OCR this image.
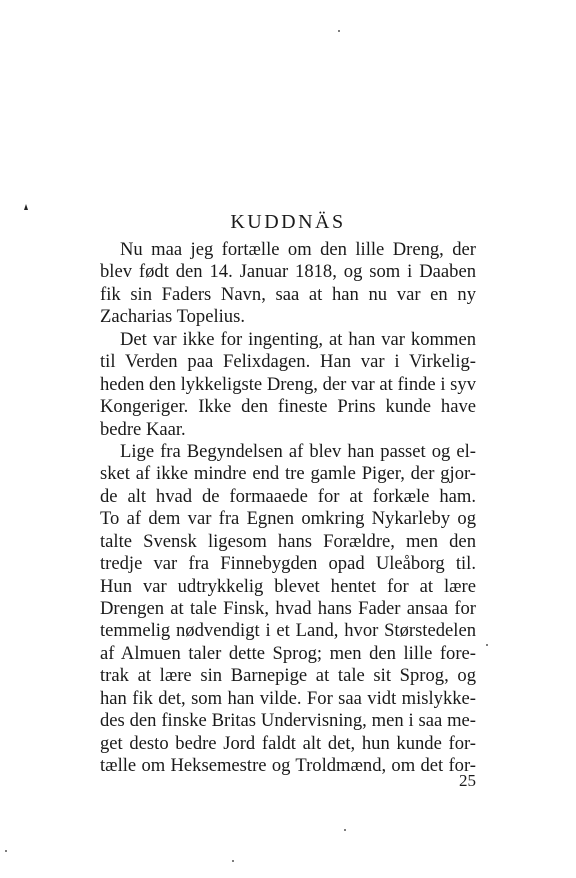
KUDDNÄS
Nu maa jeg fortælle om den lille Dreng, der
blev født den 14. Januar 1818, og som i Daaben
fik sin Faders Navn, saa at han nu var en ny
Zacharias Topelius.
Det var ikke for ingenting, at han var kommen
til Verden paa Felixdagen. Han var i Virkelig-
heden den lykkeligste Dreng, der var at finde i syv
Kongeriger. Ikke den fineste Prins kunde have
bedre Kaar.
Lige fra Begyndelsen af blev han passet og el-
sket af ikke mindre end tre gamle Piger, der gjor-
de alt hvad de formaaede for at forkæle ham.
To af dem var fra Egnen omkring Nykarleby og
talte Svensk ligesom hans Forældre, men den
tredje var fra Finnebygden opad Uleåborg til.
Hun var udtrykkelig blevet hentet for at lære
Drengen at tale Finsk, hvad hans Fader ansaa for
temmelig nødvendigt i et Land, hvor Størstedelen
af Almuen taler dette Sprog; men den lille fore-
trak at lære sin Barnepige at tale sit Sprog, og
han fik det, som han vilde. For saa vidt mislykke-
des den finske Britas Undervisning, men i saa me-
get desto bedre Jord faldt alt det, hun kunde for-
tælle om Heksemestre og Troldmænd, om det for-
25
